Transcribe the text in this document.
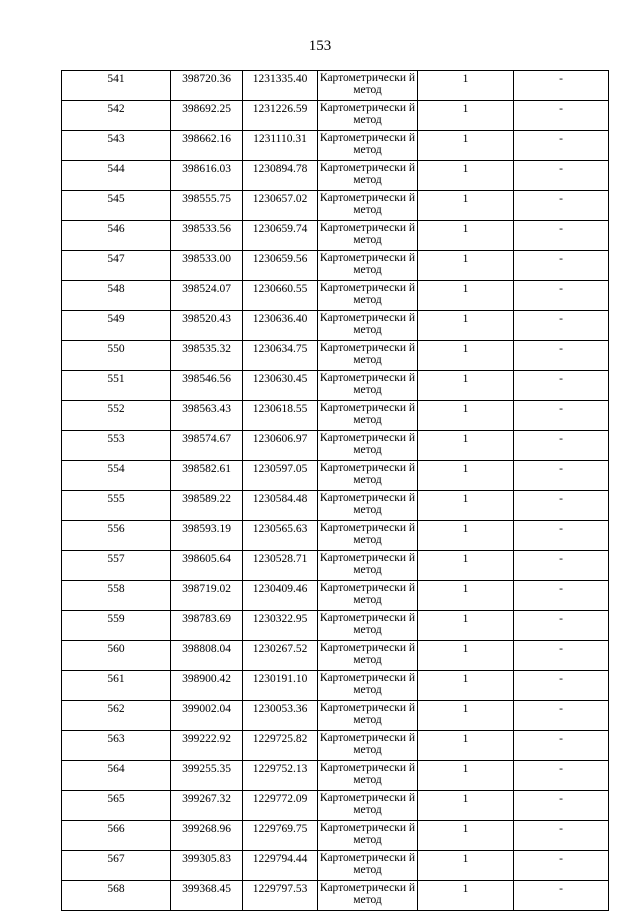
153
541	398720.36	1231335.40	Картометрически й метод	1	-
542	398692.25	1231226.59	Картометрически й метод	1	-
543	398662.16	1231110.31	Картометрически й метод	1	-
544	398616.03	1230894.78	Картометрически й метод	1	-
545	398555.75	1230657.02	Картометрически й метод	1	-
546	398533.56	1230659.74	Картометрически й метод	1	-
547	398533.00	1230659.56	Картометрически й метод	1	-
548	398524.07	1230660.55	Картометрически й метод	1	-
549	398520.43	1230636.40	Картометрически й метод	1	-
550	398535.32	1230634.75	Картометрически й метод	1	-
551	398546.56	1230630.45	Картометрически й метод	1	-
552	398563.43	1230618.55	Картометрически й метод	1	-
553	398574.67	1230606.97	Картометрически й метод	1	-
554	398582.61	1230597.05	Картометрически й метод	1	-
555	398589.22	1230584.48	Картометрически й метод	1	-
556	398593.19	1230565.63	Картометрически й метод	1	-
557	398605.64	1230528.71	Картометрически й метод	1	-
558	398719.02	1230409.46	Картометрически й метод	1	-
559	398783.69	1230322.95	Картометрически й метод	1	-
560	398808.04	1230267.52	Картометрически й метод	1	-
561	398900.42	1230191.10	Картометрически й метод	1	-
562	399002.04	1230053.36	Картометрически й метод	1	-
563	399222.92	1229725.82	Картометрически й метод	1	-
564	399255.35	1229752.13	Картометрически й метод	1	-
565	399267.32	1229772.09	Картометрически й метод	1	-
566	399268.96	1229769.75	Картометрически й метод	1	-
567	399305.83	1229794.44	Картометрически й метод	1	-
568	399368.45	1229797.53	Картометрически й метод	1	-
